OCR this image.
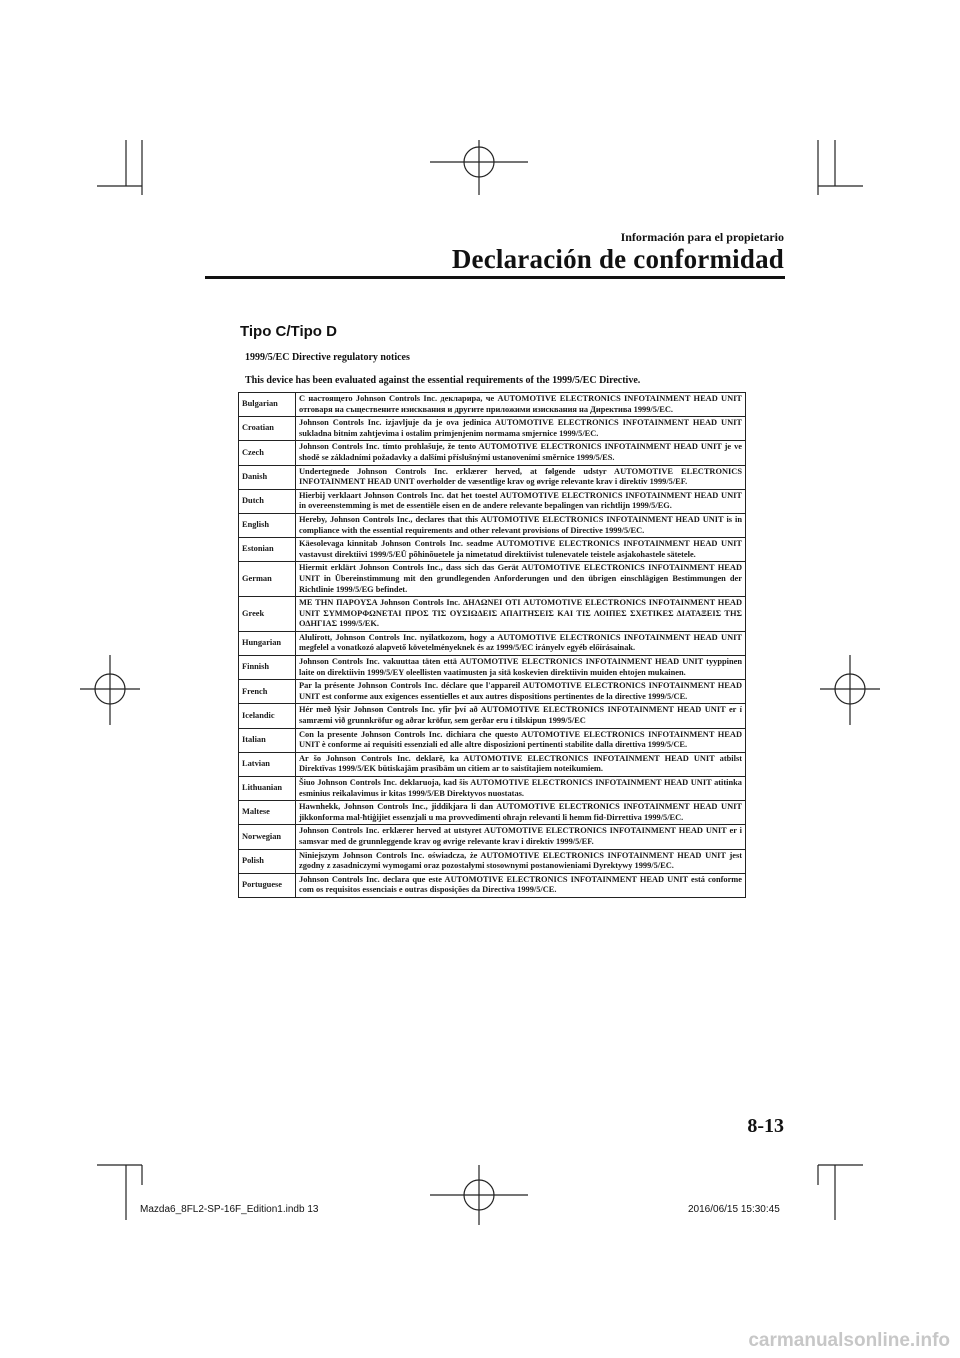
Información para el propietario
Declaración de conformidad
Tipo C/Tipo D
1999/5/EC Directive regulatory notices
This device has been evaluated against the essential requirements of the 1999/5/EC Directive.
Bulgarian	С настоящето Johnson Controls Inc. декларира, че AUTOMOTIVE ELECTRONICS INFOTAINMENT HEAD UNIT отговаря на съществените изисквания и другите приложими изисквания на Директива 1999/5/ЕС.
Croatian	Johnson Controls Inc. izjavljuje da je ova jedinica AUTOMOTIVE ELECTRONICS INFOTAINMENT HEAD UNIT sukladna bitnim zahtjevima i ostalim primjenjenim normama smjernice 1999/5/EC.
Czech	Johnson Controls Inc. tímto prohlašuje, že tento AUTOMOTIVE ELECTRONICS INFOTAINMENT HEAD UNIT je ve shodě se základními požadavky a dalšími příslušnými ustanoveními směrnice 1999/5/ES.
Danish	Undertegnede Johnson Controls Inc. erklærer herved, at følgende udstyr AUTOMOTIVE ELECTRONICS INFOTAINMENT HEAD UNIT overholder de væsentlige krav og øvrige relevante krav i direktiv 1999/5/EF.
Dutch	Hierbij verklaart Johnson Controls Inc. dat het toestel AUTOMOTIVE ELECTRONICS INFOTAINMENT HEAD UNIT in overeenstemming is met de essentiële eisen en de andere relevante bepalingen van richtlijn 1999/5/EG.
English	Hereby, Johnson Controls Inc., declares that this AUTOMOTIVE ELECTRONICS INFOTAINMENT HEAD UNIT is in compliance with the essential requirements and other relevant provisions of Directive 1999/5/EC.
Estonian	Käesolevaga kinnitab Johnson Controls Inc. seadme AUTOMOTIVE ELECTRONICS INFOTAINMENT HEAD UNIT vastavust direktiivi 1999/5/EÜ põhinõuetele ja nimetatud direktiivist tulenevatele teistele asjakohastele sätetele.
German	Hiermit erklärt Johnson Controls Inc., dass sich das Gerät AUTOMOTIVE ELECTRONICS INFOTAINMENT HEAD UNIT in Übereinstimmung mit den grundlegenden Anforderungen und den übrigen einschlägigen Bestimmungen der Richtlinie 1999/5/EG befindet.
Greek	ΜΕ ΤΗΝ ΠΑΡΟΥΣΑ Johnson Controls Inc. ΔΗΛΩΝΕΙ ΟΤΙ AUTOMOTIVE ELECTRONICS INFOTAINMENT HEAD UNIT ΣΥΜΜΟΡΦΩΝΕΤΑΙ ΠΡΟΣ ΤΙΣ ΟΥΣΙΩΔΕΙΣ ΑΠΑΙΤΗΣΕΙΣ ΚΑΙ ΤΙΣ ΛΟΙΠΕΣ ΣΧΕΤΙΚΕΣ ΔΙΑΤΑΞΕΙΣ ΤΗΣ ΟΔΗΓΙΑΣ 1999/5/ΕΚ.
Hungarian	Alulírott, Johnson Controls Inc. nyilatkozom, hogy a AUTOMOTIVE ELECTRONICS INFOTAINMENT HEAD UNIT megfelel a vonatkozó alapvető követelményeknek és az 1999/5/EC irányelv egyéb előírásainak.
Finnish	Johnson Controls Inc. vakuuttaa täten että AUTOMOTIVE ELECTRONICS INFOTAINMENT HEAD UNIT tyyppinen laite on direktiivin 1999/5/EY oleellisten vaatimusten ja sitä koskevien direktiivin muiden ehtojen mukainen.
French	Par la présente Johnson Controls Inc. déclare que l'appareil AUTOMOTIVE ELECTRONICS INFOTAINMENT HEAD UNIT est conforme aux exigences essentielles et aux autres dispositions pertinentes de la directive 1999/5/CE.
Icelandic	Hér með lýsir Johnson Controls Inc. yfir því að AUTOMOTIVE ELECTRONICS INFOTAINMENT HEAD UNIT er í samræmi við grunnkröfur og aðrar kröfur, sem gerðar eru í tilskipun 1999/5/EC
Italian	Con la presente Johnson Controls Inc. dichiara che questo AUTOMOTIVE ELECTRONICS INFOTAINMENT HEAD UNIT è conforme ai requisiti essenziali ed alle altre disposizioni pertinenti stabilite dalla direttiva 1999/5/CE.
Latvian	Ar šo Johnson Controls Inc. deklarē, ka AUTOMOTIVE ELECTRONICS INFOTAINMENT HEAD UNIT atbilst Direktīvas 1999/5/EK būtiskajām prasībām un citiem ar to saistītajiem noteikumiem.
Lithuanian	Šiuo Johnson Controls Inc. deklaruoja, kad šis AUTOMOTIVE ELECTRONICS INFOTAINMENT HEAD UNIT atitinka esminius reikalavimus ir kitas 1999/5/EB Direktyvos nuostatas.
Maltese	Hawnhekk, Johnson Controls Inc., jiddikjara li dan AUTOMOTIVE ELECTRONICS INFOTAINMENT HEAD UNIT jikkonforma mal-ħtiġijiet essenzjali u ma provvedimenti oħrajn relevanti li hemm fid-Dirrettiva 1999/5/EC.
Norwegian	Johnson Controls Inc. erklærer herved at utstyret AUTOMOTIVE ELECTRONICS INFOTAINMENT HEAD UNIT er i samsvar med de grunnleggende krav og øvrige relevante krav i direktiv 1999/5/EF.
Polish	Niniejszym Johnson Controls Inc. oświadcza, że AUTOMOTIVE ELECTRONICS INFOTAINMENT HEAD UNIT jest zgodny z zasadniczymi wymogami oraz pozostałymi stosownymi postanowieniami Dyrektywy 1999/5/EC.
Portuguese	Johnson Controls Inc. declara que este AUTOMOTIVE ELECTRONICS INFOTAINMENT HEAD UNIT está conforme com os requisitos essenciais e outras disposições da Directiva 1999/5/CE.
8-13
Mazda6_8FL2-SP-16F_Edition1.indb 13	2016/06/15 15:30:45
carmanualsonline.info
